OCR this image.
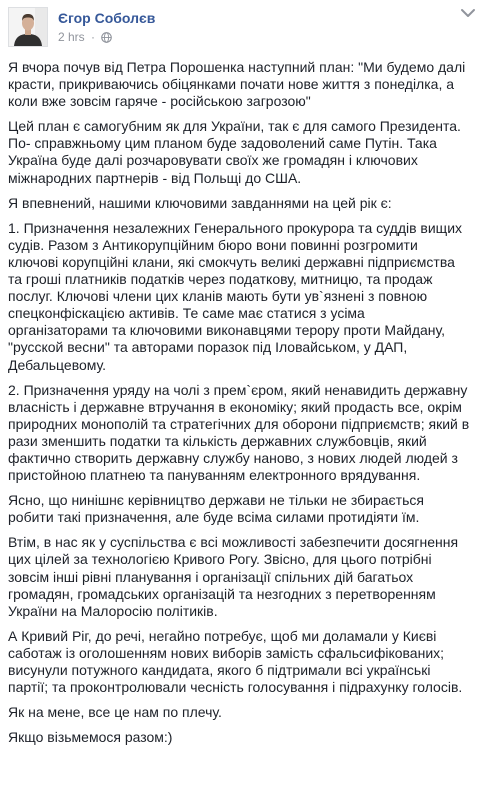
Єгор Соболєв
2 hrs ·

Я вчора почув від Петра Порошенка наступний план: "Ми будемо далі
красти, прикриваючись обіцянками почати нове життя з понеділка, а
коли вже зовсім гаряче - російською загрозою"

Цей план є самогубним як для України, так є для самого Президента.
По- справжньому цим планом буде задоволений саме Путін. Така
Україна буде далі розчаровувати своїх же громадян і ключових
міжнародних партнерів - від Польщі до США.

Я впевнений, нашими ключовими завданнями на цей рік є:

1. Призначення незалежних Генерального прокурора та суддів вищих
судів. Разом з Антикорупційним бюро вони повинні розгромити
ключові корупційні клани, які смокчуть великі державні підприємства
та гроші платників податків через податкову, митницю, та продаж
послуг. Ключові члени цих кланів мають бути ув`язнені з повною
спецконфіскацією активів. Те саме має статися з усіма
організаторами та ключовими виконавцями терору проти Майдану,
"русской весни" та авторами поразок під Іловайськом, у ДАП,
Дебальцевому.

2. Призначення уряду на чолі з прем`єром, який ненавидить державну
власність і державне втручання в економіку; який продасть все, окрім
природних монополій та стратегічних для оборони підприємств; який в
рази зменшить податки та кількість державних службовців, який
фактично створить державну службу наново, з нових людей людей з
пристойною платнею та пануванням електронного врядування.

Ясно, що нинішнє керівництво держави не тільки не збирається
робити такі призначення, але буде всіма силами протидіяти їм.

Втім, в нас як у суспільства є всі можливості забезпечити досягнення
цих цілей за технологією Кривого Рогу. Звісно, для цього потрібні
зовсім інші рівні планування і організації спільних дій багатьох
громадян, громадських організацій та незгодних з перетворенням
України на Малоросію політиків.

А Кривий Ріг, до речі, негайно потребує, щоб ми доламали у Києві
саботаж із оголошенням нових виборів замість сфальсифікованих;
висунули потужного кандидата, якого б підтримали всі українські
партії; та проконтролювали чесність голосування і підрахунку голосів.

Як на мене, все це нам по плечу.

Якщо візьмемося разом:)
